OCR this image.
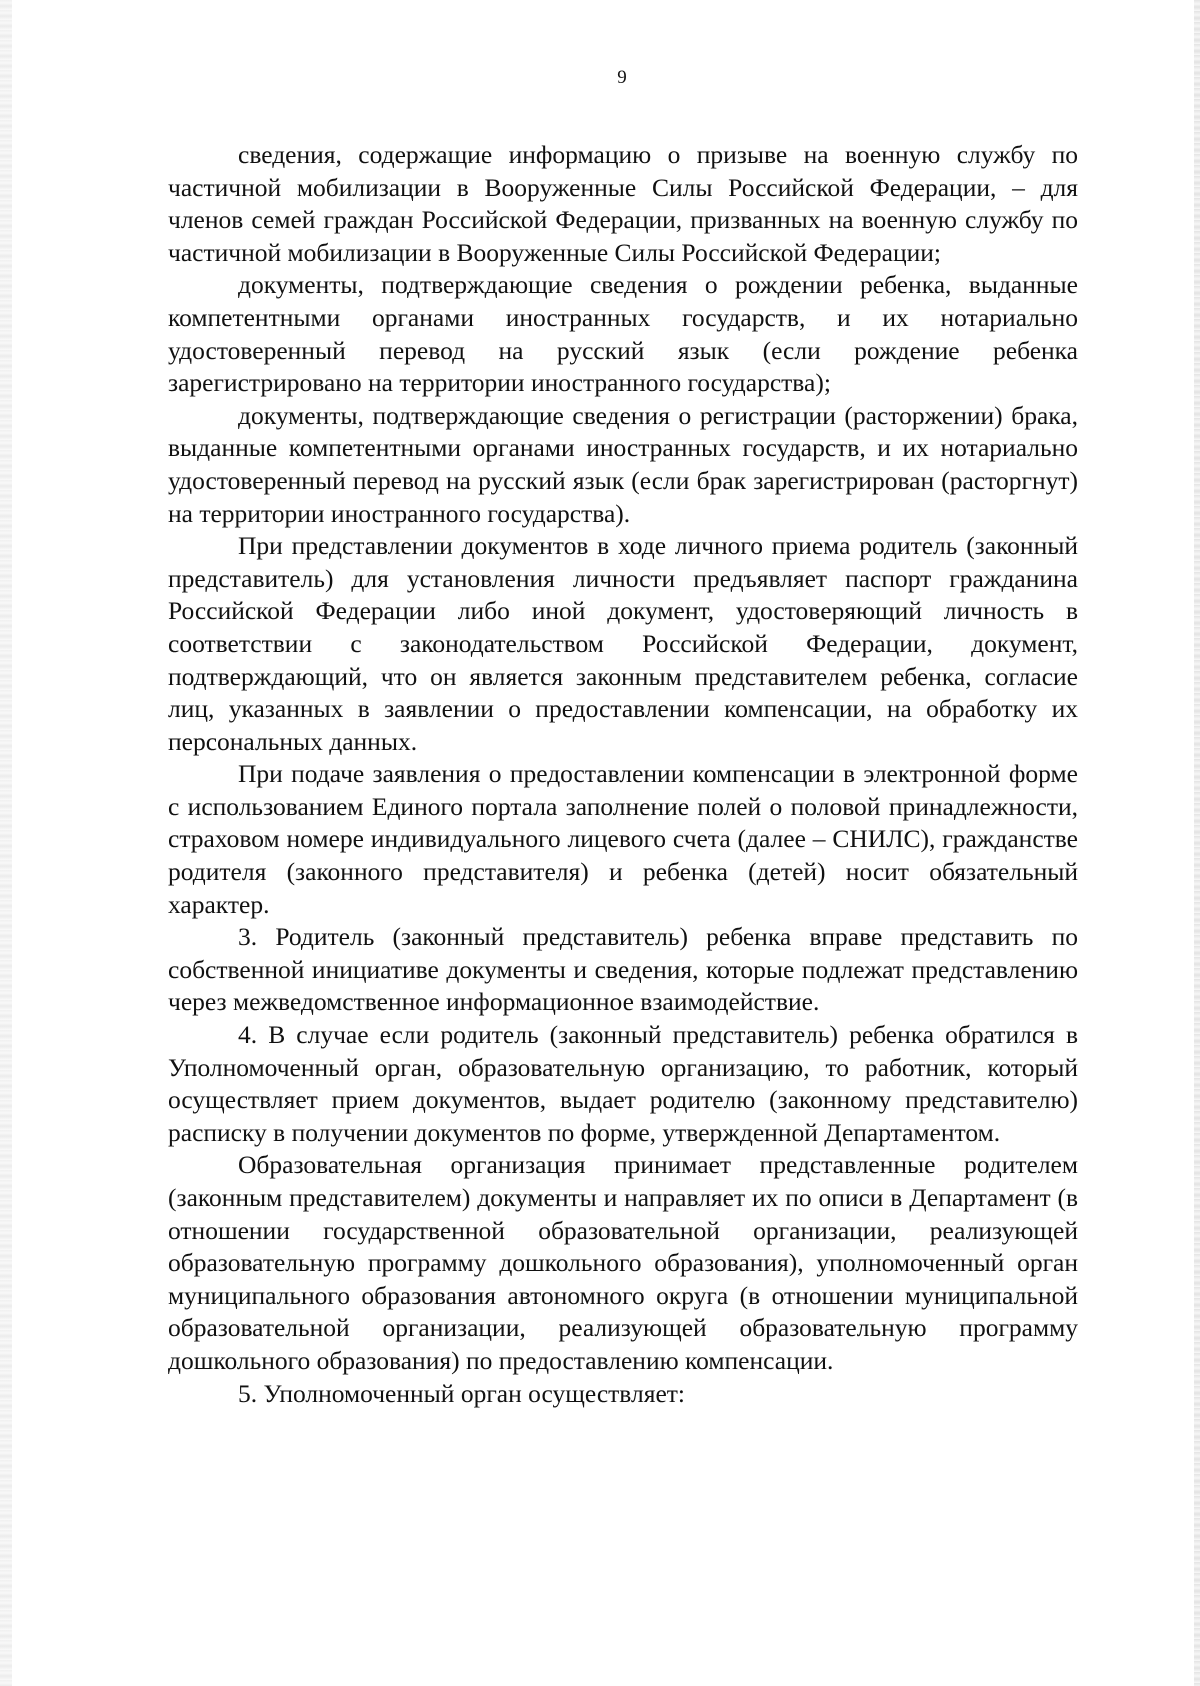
9

сведения, содержащие информацию о призыве на военную службу по частичной мобилизации в Вооруженные Силы Российской Федерации, – для членов семей граждан Российской Федерации, призванных на военную службу по частичной мобилизации в Вооруженные Силы Российской Федерации;

документы, подтверждающие сведения о рождении ребенка, выданные компетентными органами иностранных государств, и их нотариально удостоверенный перевод на русский язык (если рождение ребенка зарегистрировано на территории иностранного государства);

документы, подтверждающие сведения о регистрации (расторжении) брака, выданные компетентными органами иностранных государств, и их нотариально удостоверенный перевод на русский язык (если брак зарегистрирован (расторгнут) на территории иностранного государства).

При представлении документов в ходе личного приема родитель (законный представитель) для установления личности предъявляет паспорт гражданина Российской Федерации либо иной документ, удостоверяющий личность в соответствии с законодательством Российской Федерации, документ, подтверждающий, что он является законным представителем ребенка, согласие лиц, указанных в заявлении о предоставлении компенсации, на обработку их персональных данных.

При подаче заявления о предоставлении компенсации в электронной форме с использованием Единого портала заполнение полей о половой принадлежности, страховом номере индивидуального лицевого счета (далее – СНИЛС), гражданстве родителя (законного представителя) и ребенка (детей) носит обязательный характер.

3. Родитель (законный представитель) ребенка вправе представить по собственной инициативе документы и сведения, которые подлежат представлению через межведомственное информационное взаимодействие.

4. В случае если родитель (законный представитель) ребенка обратился в Уполномоченный орган, образовательную организацию, то работник, который осуществляет прием документов, выдает родителю (законному представителю) расписку в получении документов по форме, утвержденной Департаментом.

Образовательная организация принимает представленные родителем (законным представителем) документы и направляет их по описи в Департамент (в отношении государственной образовательной организации, реализующей образовательную программу дошкольного образования), уполномоченный орган муниципального образования автономного округа (в отношении муниципальной образовательной организации, реализующей образовательную программу дошкольного образования) по предоставлению компенсации.

5. Уполномоченный орган осуществляет:
